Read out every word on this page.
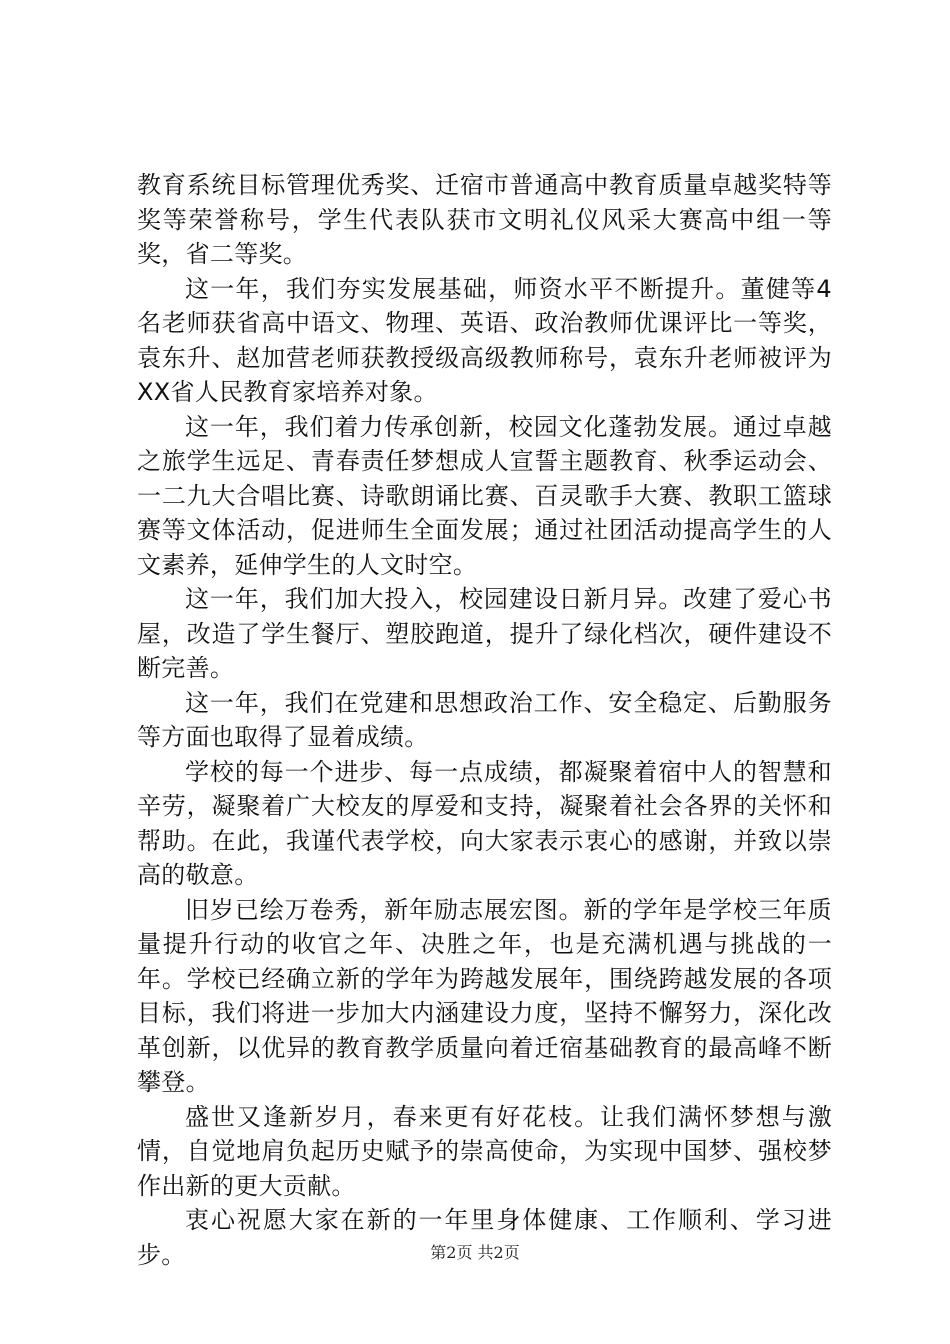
教育系统目标管理优秀奖、迁宿市普通高中教育质量卓越奖特等奖等荣誉称号，学生代表队获市文明礼仪风采大赛高中组一等奖，省二等奖。

这一年，我们夯实发展基础，师资水平不断提升。董健等4名老师获省高中语文、物理、英语、政治教师优课评比一等奖，袁东升、赵加营老师获教授级高级教师称号，袁东升老师被评为XX省人民教育家培养对象。

这一年，我们着力传承创新，校园文化蓬勃发展。通过卓越之旅学生远足、青春责任梦想成人宣誓主题教育、秋季运动会、一二九大合唱比赛、诗歌朗诵比赛、百灵歌手大赛、教职工篮球赛等文体活动，促进师生全面发展；通过社团活动提高学生的人文素养，延伸学生的人文时空。

这一年，我们加大投入，校园建设日新月异。改建了爱心书屋，改造了学生餐厅、塑胶跑道，提升了绿化档次，硬件建设不断完善。

这一年，我们在党建和思想政治工作、安全稳定、后勤服务等方面也取得了显着成绩。

学校的每一个进步、每一点成绩，都凝聚着宿中人的智慧和辛劳，凝聚着广大校友的厚爱和支持，凝聚着社会各界的关怀和帮助。在此，我谨代表学校，向大家表示衷心的感谢，并致以崇高的敬意。

旧岁已绘万卷秀，新年励志展宏图。新的学年是学校三年质量提升行动的收官之年、决胜之年，也是充满机遇与挑战的一年。学校已经确立新的学年为跨越发展年，围绕跨越发展的各项目标，我们将进一步加大内涵建设力度，坚持不懈努力，深化改革创新，以优异的教育教学质量向着迁宿基础教育的最高峰不断攀登。

盛世又逢新岁月，春来更有好花枝。让我们满怀梦想与激情，自觉地肩负起历史赋予的崇高使命，为实现中国梦、强校梦作出新的更大贡献。

衷心祝愿大家在新的一年里身体健康、工作顺利、学习进步。	第2页 共2页
